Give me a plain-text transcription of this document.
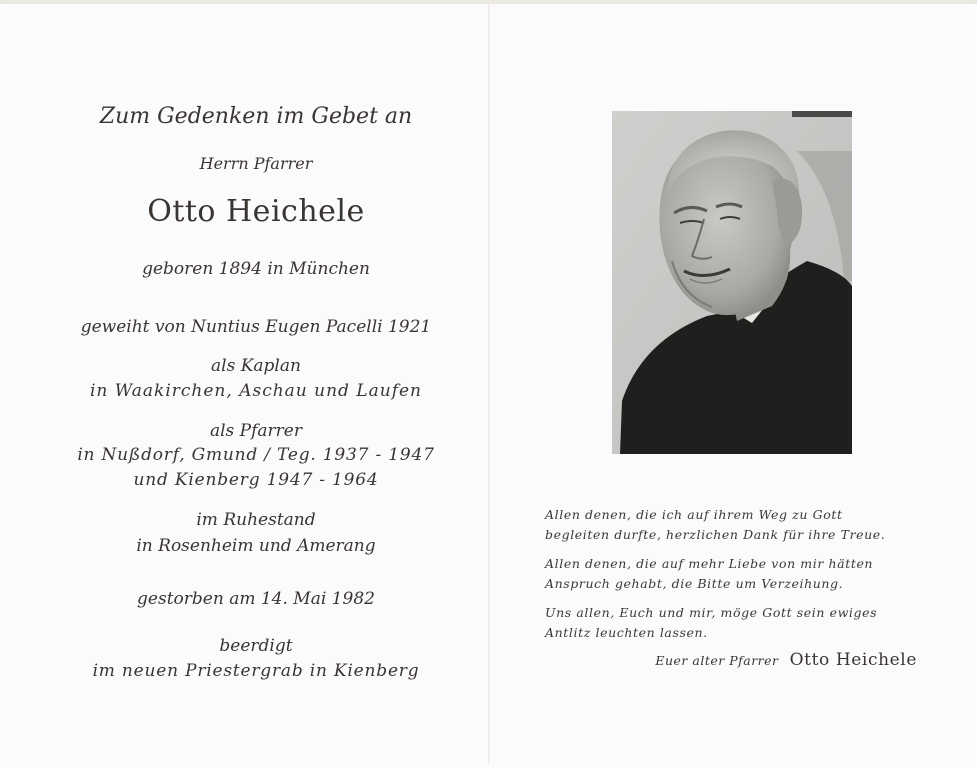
Zum Gedenken im Gebet an
Herrn Pfarrer
Otto Heichele
geboren 1894 in München
geweiht von Nuntius Eugen Pacelli 1921
als Kaplan
in Waakirchen, Aschau und Laufen
als Pfarrer
in Nußdorf, Gmund / Teg. 1937 - 1947
und Kienberg 1947 - 1964
im Ruhestand
in Rosenheim und Amerang
gestorben am 14. Mai 1982
beerdigt
im neuen Priestergrab in Kienberg
Allen denen, die ich auf ihrem Weg zu Gott

begleiten durfte, herzlichen Dank für ihre Treue.
Allen denen, die auf mehr Liebe von mir hätten

Anspruch gehabt, die Bitte um Verzeihung.
Uns allen, Euch und mir, möge Gott sein ewiges

Antlitz leuchten lassen.
Euer alter Pfarrer Otto Heichele
